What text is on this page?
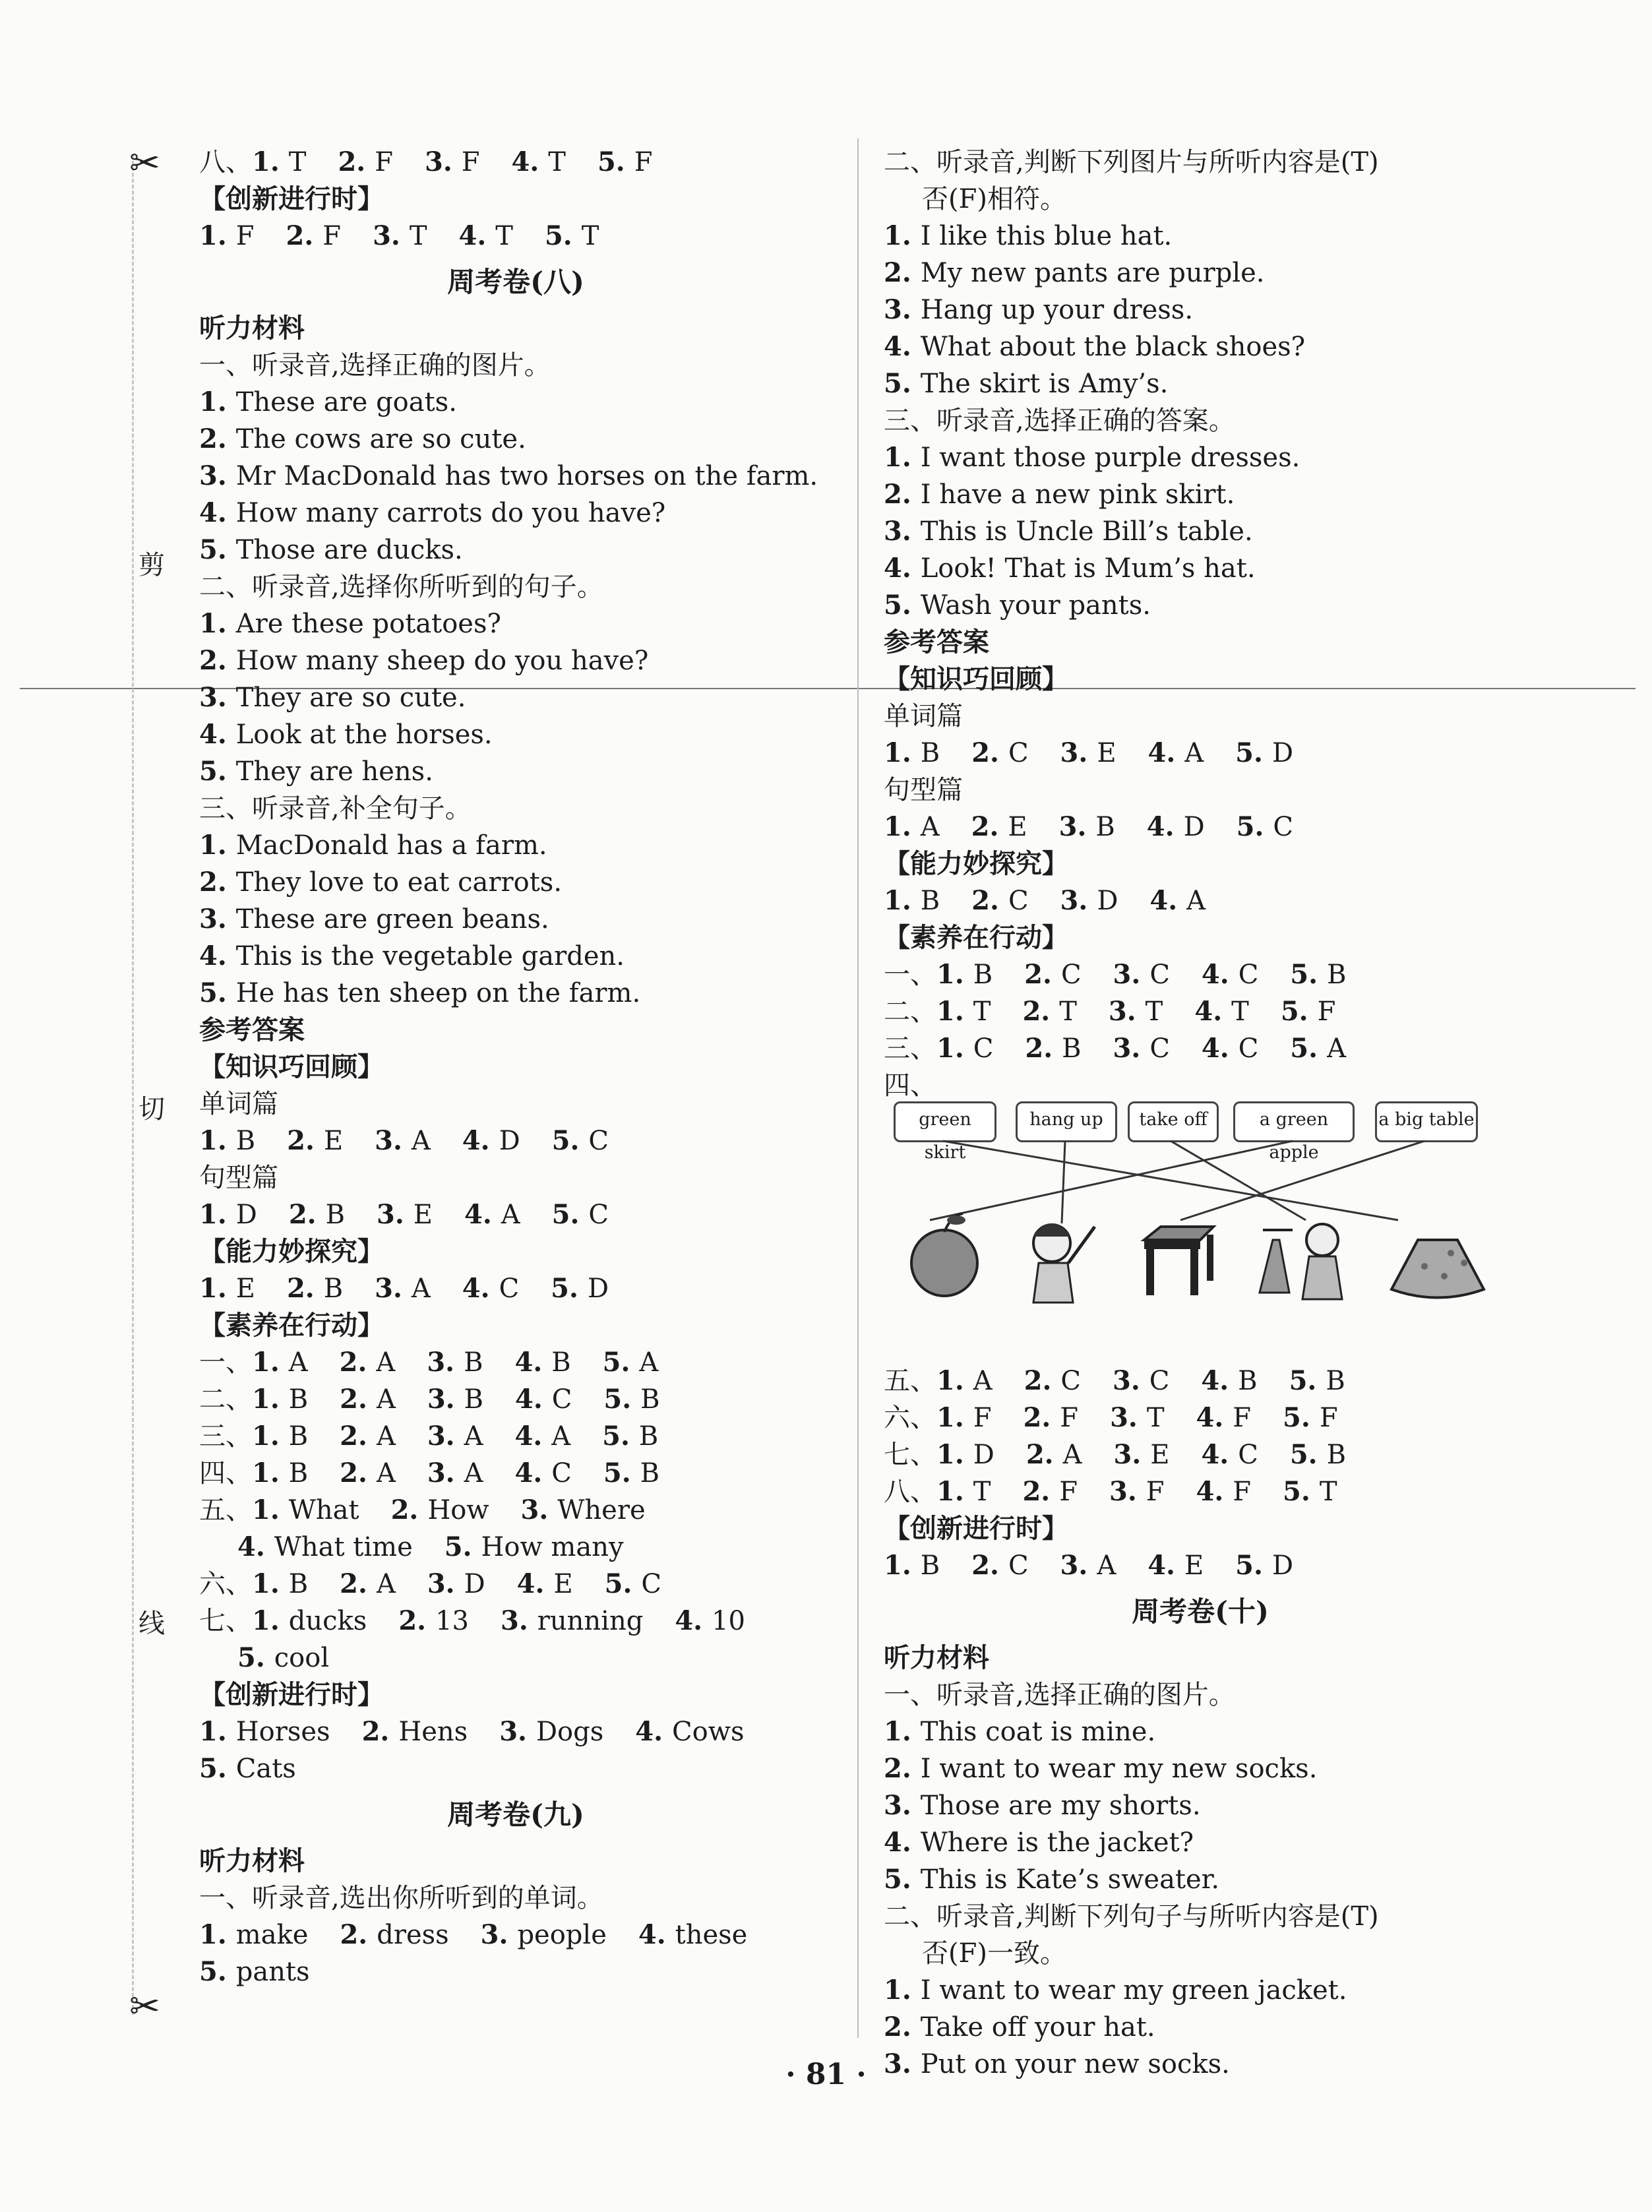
✂
✂
剪
切
线
八、1. T 2. F 3. F 4. T 5. F
【创新进行时】
1. F 2. F 3. T 4. T 5. T
周考卷(八)
听力材料
一、听录音,选择正确的图片。
1. These are goats.
2. The cows are so cute.
3. Mr MacDonald has two horses on the farm.
4. How many carrots do you have?
5. Those are ducks.
二、听录音,选择你所听到的句子。
1. Are these potatoes?
2. How many sheep do you have?
3. They are so cute.
4. Look at the horses.
5. They are hens.
三、听录音,补全句子。
1. MacDonald has a farm.
2. They love to eat carrots.
3. These are green beans.
4. This is the vegetable garden.
5. He has ten sheep on the farm.
参考答案
【知识巧回顾】
单词篇
1. B 2. E 3. A 4. D 5. C
句型篇
1. D 2. B 3. E 4. A 5. C
【能力妙探究】
1. E 2. B 3. A 4. C 5. D
【素养在行动】
一、1. A 2. A 3. B 4. B 5. A
二、1. B 2. A 3. B 4. C 5. B
三、1. B 2. A 3. A 4. A 5. B
四、1. B 2. A 3. A 4. C 5. B
五、1. What 2. How 3. Where
4. What time 5. How many
六、1. B 2. A 3. D 4. E 5. C
七、1. ducks 2. 13 3. running 4. 10
5. cool
【创新进行时】
1. Horses 2. Hens 3. Dogs 4. Cows
5. Cats
周考卷(九)
听力材料
一、听录音,选出你所听到的单词。
1. make 2. dress 3. people 4. these
5. pants
二、听录音,判断下列图片与所听内容是(T)
否(F)相符。
1. I like this blue hat.
2. My new pants are purple.
3. Hang up your dress.
4. What about the black shoes?
5. The skirt is Amy’s.
三、听录音,选择正确的答案。
1. I want those purple dresses.
2. I have a new pink skirt.
3. This is Uncle Bill’s table.
4. Look! That is Mum’s hat.
5. Wash your pants.
参考答案
【知识巧回顾】
单词篇
1. B 2. C 3. E 4. A 5. D
句型篇
1. A 2. E 3. B 4. D 5. C
【能力妙探究】
1. B 2. C 3. D 4. A
【素养在行动】
一、1. B 2. C 3. C 4. C 5. B
二、1. T 2. T 3. T 4. T 5. F
三、1. C 2. B 3. C 4. C 5. A
四、
五、1. A 2. C 3. C 4. B 5. B
六、1. F 2. F 3. T 4. F 5. F
七、1. D 2. A 3. E 4. C 5. B
八、1. T 2. F 3. F 4. F 5. T
【创新进行时】
1. B 2. C 3. A 4. E 5. D
周考卷(十)
听力材料
一、听录音,选择正确的图片。
1. This coat is mine.
2. I want to wear my new socks.
3. Those are my shorts.
4. Where is the jacket?
5. This is Kate’s sweater.
二、听录音,判断下列句子与所听内容是(T)
否(F)一致。
1. I want to wear my green jacket.
2. Take off your hat.
3. Put on your new socks.
· 81 ·
green skirt
hang up	take off	a green apple
a big table
